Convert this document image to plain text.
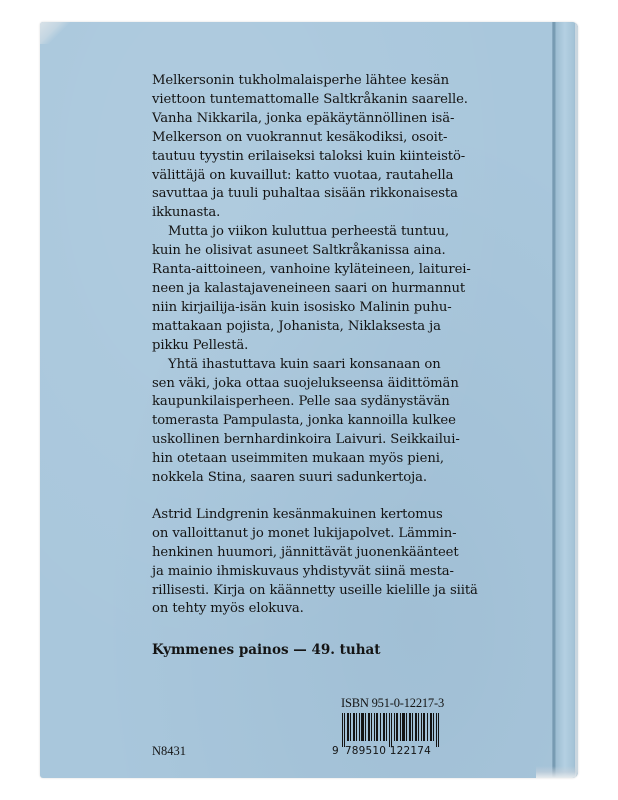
Melkersonin tukholmalaisperhe lähtee kesän

viettoon tuntemattomalle Saltkråkanin saarelle.

Vanha Nikkarila, jonka epäkäytännöllinen isä-

Melkerson on vuokrannut kesäkodiksi, osoit-

tautuu tyystin erilaiseksi taloksi kuin kiinteistö-

välittäjä on kuvaillut: katto vuotaa, rautahella

savuttaa ja tuuli puhaltaa sisään rikkonaisesta

ikkunasta.

Mutta jo viikon kuluttua perheestä tuntuu,

kuin he olisivat asuneet Saltkråkanissa aina.

Ranta-aittoineen, vanhoine kyläteineen, laiturei-

neen ja kalastajaveneineen saari on hurmannut

niin kirjailija-isän kuin isosisko Malinin puhu-

mattakaan pojista, Johanista, Niklaksesta ja

pikku Pellestä.

Yhtä ihastuttava kuin saari konsanaan on

sen väki, joka ottaa suojelukseensa äidittömän

kaupunkilaisperheen. Pelle saa sydänystävän

tomerasta Pampulasta, jonka kannoilla kulkee

uskollinen bernhardinkoira Laivuri. Seikkailui-

hin otetaan useimmiten mukaan myös pieni,

nokkela Stina, saaren suuri sadunkertoja.

Astrid Lindgrenin kesänmakuinen kertomus

on valloittanut jo monet lukijapolvet. Lämmin-

henkinen huumori, jännittävät juonenkäänteet

ja mainio ihmiskuvaus yhdistyvät siinä mesta-

rillisesti. Kirja on käännetty useille kielille ja siitä

on tehty myös elokuva.

Kymmenes painos — 49. tuhat
ISBN 951-0-12217-3
9 789510 122174
N8431
